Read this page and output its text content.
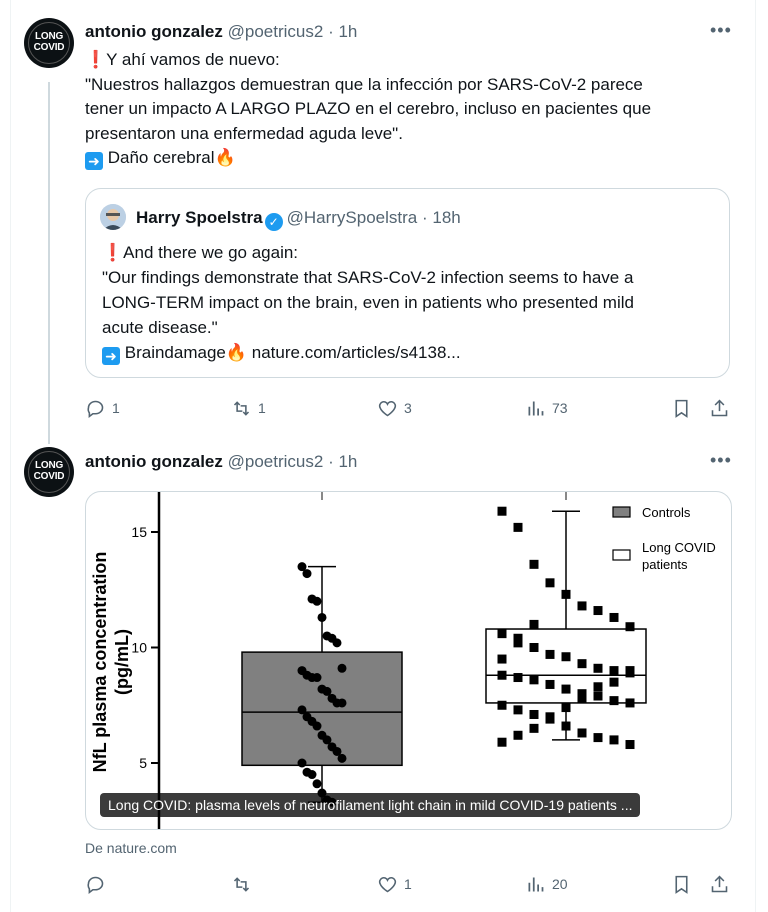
LONG
COVID
antonio gonzalez @poetricus2 · 1h	•••
❗Y ahí vamos de nuevo:
"Nuestros hallazgos demuestran que la infección por SARS-CoV-2 parece
tener un impacto A LARGO PLAZO en el cerebro, incluso en pacientes que
presentaron una enfermedad aguda leve".
➜ Daño cerebral🔥
Harry Spoelstra ✓ @HarrySpoelstra · 18h
❗And there we go again:
"Our findings demonstrate that SARS-CoV-2 infection seems to have a
LONG-TERM impact on the brain, even in patients who presented mild
acute disease."
➜ Braindamage🔥 nature.com/articles/s4138...
1	1	3	73
LONG
COVID
antonio gonzalez @poetricus2 · 1h	•••
5
10
15
NfL plasma concentration (pg/mL)
Controls
Long COVID
patients
Long COVID: plasma levels of neurofilament light chain in mild COVID-19 patients ...
De nature.com
1	20
